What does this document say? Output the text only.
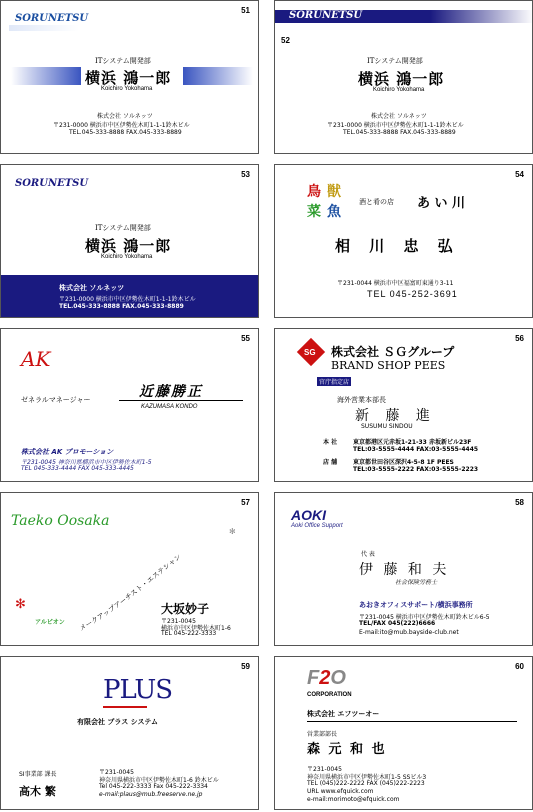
51
SORUNETSU
ITシステム開発部
横浜 鴻一郎
Koichiro Yokohama
株式会社 ソルネッツ
〒231-0000 横浜市中区伊勢佐木町1-1-1鈴木ビル
TEL.045-333-8888 FAX.045-333-8889
SORUNETSU
52
ITシステム開発部
横浜 鴻一郎
Koichiro Yokohama
株式会社 ソルネッツ
〒231-0000 横浜市中区伊勢佐木町1-1-1鈴木ビル
TEL.045-333-8888 FAX.045-333-8889
53
SORUNETSU
ITシステム開発部
横浜 鴻一郎
Koichiro Yokohama
株式会社 ソルネッツ
〒231-0000 横浜市中区伊勢佐木町1-1-1鈴木ビル
TEL.045-333-8888 FAX.045-333-8889
54
鳥 獣
菜 魚
酒と肴の店 あ い 川
相 川 忠 弘
〒231-0044 横浜市中区福富町東通り3-11
TEL 045-252-3691
55
AK
ゼネラルマネージャー	近藤勝正
KAZUMASA KONDO
株式会社 AK プロモーション
〒231-0045 神奈川県横浜市中区伊勢佐木町1-5
TEL 045-333-4444 FAX 045-333-4445
56
SG 株式会社 ＳＧグループ
BRAND SHOP PEES
官庁指定店
海外営業本部長
新 藤 進
SUSUMU SINDOU
本 社	東京都港区元赤坂1-21-33 赤坂新ビル23F
TEL:03-5555-4444 FAX:03-5555-4445
店 舗	東京都世田谷区深沢4-5-8 1F PEES
TEL:03-5555-2222 FAX:03-5555-2223
57
Taeko Oosaka
メークアップアーチスト・エステシャン
✻
✻
アルピオン
大坂妙子
〒231-0045
横浜市中区伊勢佐木町1-6
TEL 045-222-3333
58
AOKI
Aoki Office Support
代 表
伊 藤 和 夫
社会保険労務士
あおきオフィスサポート/横浜事務所
〒231-0045 横浜市中区伊勢佐木町鈴木ビル6-5
TEL/FAX 045(222)6666
E-mail:ito@mub.bayside-club.net
59
PLUS
有限会社 プラス システム
SI事業部 課長
高木 繁
〒231-0045
神奈川県横浜市中区伊勢佐木町1-6 鈴木ビル
Tel 045-222-3333 Fax 045-222-3334
e-mail:plaus@mub.freeserve.ne.jp
60
F2O
CORPORATION
株式会社 エフツーオー
営業部部長
森 元 和 也
〒231-0045
神奈川県横浜市中区伊勢佐木町1-5 SSビル3
TEL (045)222-2222 FAX (045)222-2223
URL www.efquick.com
e-mail:morimoto@efquick.com
